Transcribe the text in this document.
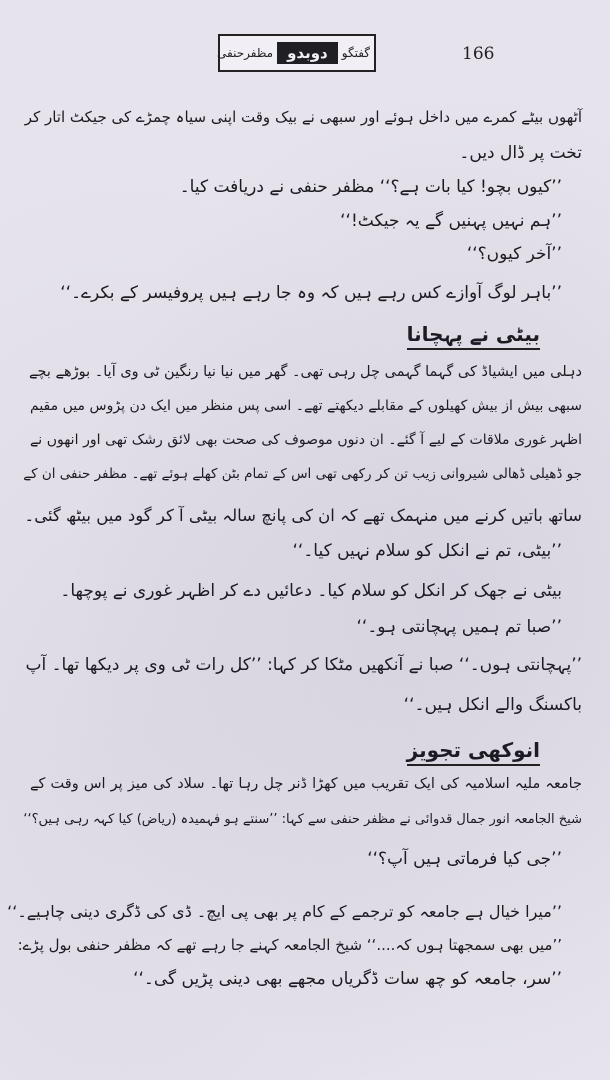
گفتگو
دوبدو
مظفرحنفی	166
آٹھوں بیٹے کمرے میں داخل ہوئے اور سبھی نے بیک وقت اپنی سیاہ چمڑے کی جیکٹ اتار کر
تخت پر ڈال دیں۔
’’کیوں بچو! کیا بات ہے؟‘‘ مظفر حنفی نے دریافت کیا۔
’’ہم نہیں پہنیں گے یہ جیکٹ!‘‘
’’آخر کیوں؟‘‘
’’باہر لوگ آوازے کس رہے ہیں کہ وہ جا رہے ہیں پروفیسر کے بکرے۔‘‘
بیٹی نے پہچانا
دہلی میں ایشیاڈ کی گہما گہمی چل رہی تھی۔ گھر میں نیا نیا رنگین ٹی وی آیا۔ بوڑھے بچے
سبھی بیش از بیش کھیلوں کے مقابلے دیکھتے تھے۔ اسی پس منظر میں ایک دن پڑوس میں مقیم
اظہر غوری ملاقات کے لیے آ گئے۔ ان دنوں موصوف کی صحت بھی لائق رشک تھی اور انھوں نے
جو ڈھیلی ڈھالی شیروانی زیب تن کر رکھی تھی اس کے تمام بٹن کھلے ہوئے تھے۔ مظفر حنفی ان کے
ساتھ باتیں کرنے میں منہمک تھے کہ ان کی پانچ سالہ بیٹی آ کر گود میں بیٹھ گئی۔
’’بیٹی، تم نے انکل کو سلام نہیں کیا۔‘‘
بیٹی نے جھک کر انکل کو سلام کیا۔ دعائیں دے کر اظہر غوری نے پوچھا۔
’’صبا تم ہمیں پہچانتی ہو۔‘‘
’’پہچانتی ہوں۔‘‘ صبا نے آنکھیں مٹکا کر کہا: ’’کل رات ٹی وی پر دیکھا تھا۔ آپ
باکسنگ والے انکل ہیں۔‘‘
انوکھی تجویز
جامعہ ملیہ اسلامیہ کی ایک تقریب میں کھڑا ڈنر چل رہا تھا۔ سلاد کی میز پر اس وقت کے
شیخ الجامعہ انور جمال قدوائی نے مظفر حنفی سے کہا: ’’سنتے ہو فہمیدہ (ریاض) کیا کہہ رہی ہیں؟‘‘
’’جی کیا فرماتی ہیں آپ؟‘‘
’’میرا خیال ہے جامعہ کو ترجمے کے کام پر بھی پی ایچ۔ ڈی کی ڈگری دینی چاہیے۔‘‘
’’میں بھی سمجھتا ہوں کہ....‘‘ شیخ الجامعہ کہنے جا رہے تھے کہ مظفر حنفی بول پڑے:
’’سر، جامعہ کو چھ سات ڈگریاں مجھے بھی دینی پڑیں گی۔‘‘
